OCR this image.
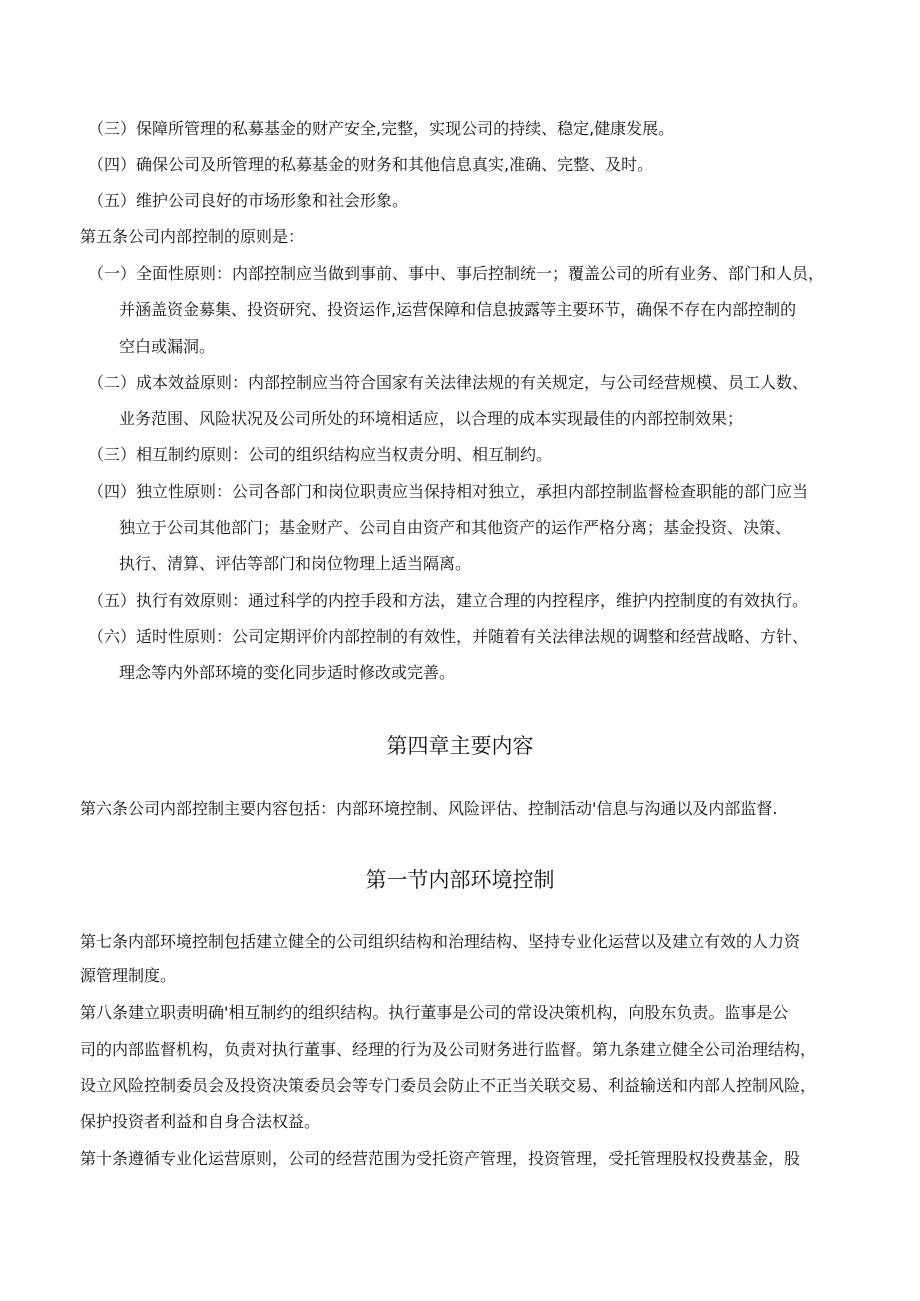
（三）保障所管理的私募基金的财产安全,完整，实现公司的持续、稳定,健康发展。
（四）确保公司及所管理的私募基金的财务和其他信息真实,准确、完整、及时。
（五）维护公司良好的市场形象和社会形象。
第五条公司内部控制的原则是：
（一）全面性原则：内部控制应当做到事前、事中、事后控制统一；覆盖公司的所有业务、部门和人员，
并涵盖资金募集、投资研究、投资运作,运营保障和信息披露等主要环节，确保不存在内部控制的
空白或漏洞。
（二）成本效益原则：内部控制应当符合国家有关法律法规的有关规定，与公司经营规模、员工人数、
业务范围、风险状况及公司所处的环境相适应，以合理的成本实现最佳的内部控制效果；
（三）相互制约原则：公司的组织结构应当权责分明、相互制约。
（四）独立性原则：公司各部门和岗位职责应当保持相对独立，承担内部控制监督检查职能的部门应当
独立于公司其他部门；基金财产、公司自由资产和其他资产的运作严格分离；基金投资、决策、
执行、清算、评估等部门和岗位物理上适当隔离。
（五）执行有效原则：通过科学的内控手段和方法，建立合理的内控程序，维护内控制度的有效执行。
（六）适时性原则：公司定期评价内部控制的有效性，并随着有关法律法规的调整和经营战略、方针、
理念等内外部环境的变化同步适时修改或完善。
第四章主要内容
第六条公司内部控制主要内容包括：内部环境控制、风险评估、控制活动'信息与沟通以及内部监督.
第一节内部环境控制
第七条内部环境控制包括建立健全的公司组织结构和治理结构、坚持专业化运营以及建立有效的人力资
源管理制度。
第八条建立职责明确'相互制约的组织结构。执行董事是公司的常设决策机构，向股东负责。监事是公
司的内部监督机构，负责对执行董事、经理的行为及公司财务进行监督。第九条建立健全公司治理结构，
设立风险控制委员会及投资决策委员会等专门委员会防止不正当关联交易、利益输送和内部人控制风险，
保护投资者利益和自身合法权益。
第十条遵循专业化运营原则，公司的经营范围为受托资产管理，投资管理，受托管理股权投费基金，股
